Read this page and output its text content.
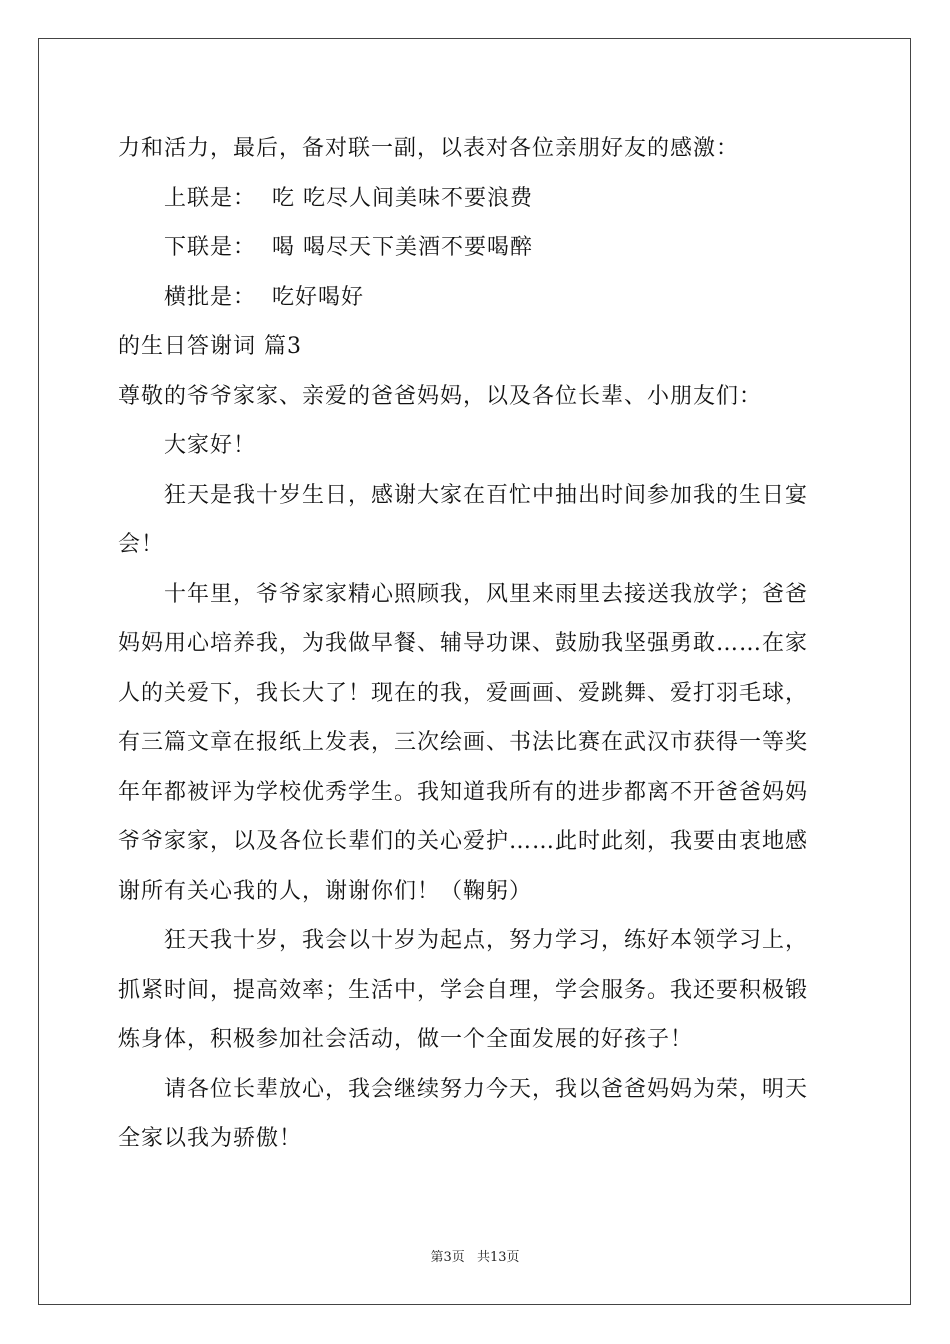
力和活力，最后，备对联一副，以表对各位亲朋好友的感激：
上联是： 吃 吃尽人间美味不要浪费
下联是： 喝 喝尽天下美酒不要喝醉
横批是： 吃好喝好
的生日答谢词 篇3
尊敬的爷爷家家、亲爱的爸爸妈妈，以及各位长辈、小朋友们：
大家好！
狂天是我十岁生日，感谢大家在百忙中抽出时间参加我的生日宴
会！
十年里，爷爷家家精心照顾我，风里来雨里去接送我放学；爸爸
妈妈用心培养我，为我做早餐、辅导功课、鼓励我坚强勇敢……在家
人的关爱下，我长大了！现在的我，爱画画、爱跳舞、爱打羽毛球，
有三篇文章在报纸上发表，三次绘画、书法比赛在武汉市获得一等奖
年年都被评为学校优秀学生。我知道我所有的进步都离不开爸爸妈妈
爷爷家家，以及各位长辈们的关心爱护……此时此刻，我要由衷地感
谢所有关心我的人，谢谢你们！（鞠躬）
狂天我十岁，我会以十岁为起点，努力学习，练好本领学习上，
抓紧时间，提高效率；生活中，学会自理，学会服务。我还要积极锻
炼身体，积极参加社会活动，做一个全面发展的好孩子！
请各位长辈放心，我会继续努力今天，我以爸爸妈妈为荣，明天
全家以我为骄傲！
第3页 共13页
